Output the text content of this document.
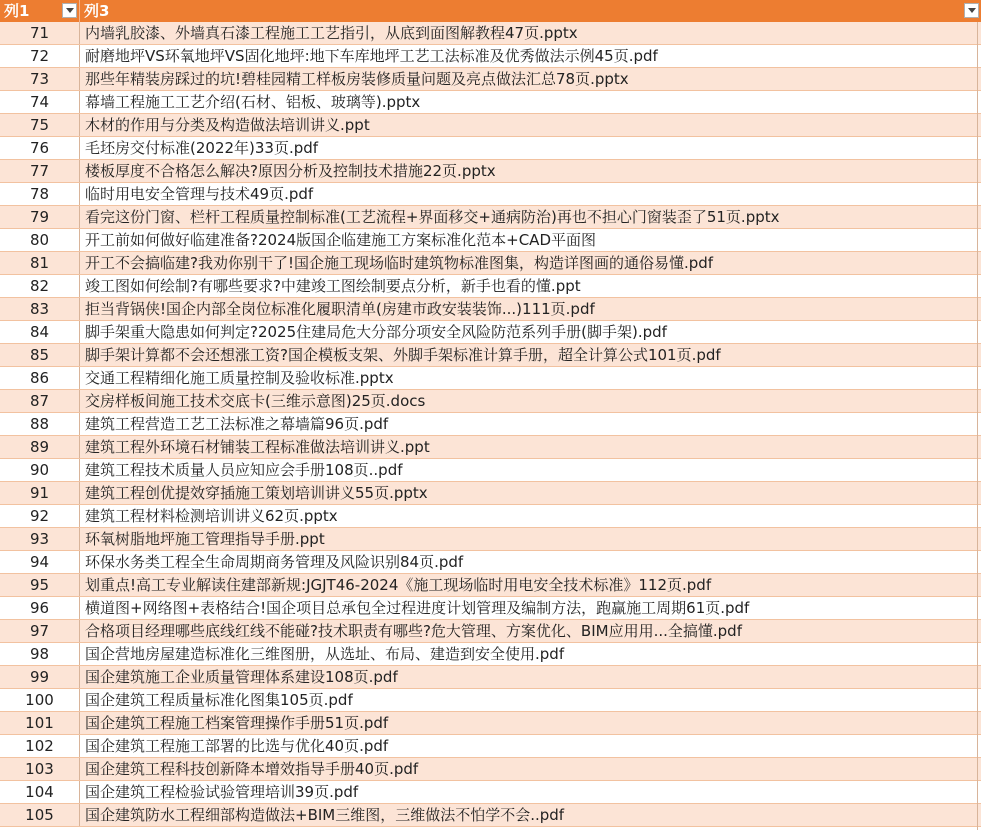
列1	列3
71	内墙乳胶漆、外墙真石漆工程施工工艺指引，从底到面图解教程47页.pptx
72	耐磨地坪VS环氧地坪VS固化地坪:地下车库地坪工艺工法标准及优秀做法示例45页.pdf
73	那些年精装房踩过的坑!碧桂园精工样板房装修质量问题及亮点做法汇总78页.pptx
74	幕墙工程施工工艺介绍(石材、铝板、玻璃等).pptx
75	木材的作用与分类及构造做法培训讲义.ppt
76	毛坯房交付标准(2022年)33页.pdf
77	楼板厚度不合格怎么解决?原因分析及控制技术措施22页.pptx
78	临时用电安全管理与技术49页.pdf
79	看完这份门窗、栏杆工程质量控制标准(工艺流程+界面移交+通病防治)再也不担心门窗装歪了51页.pptx
80	开工前如何做好临建准备?2024版国企临建施工方案标准化范本+CAD平面图
81	开工不会搞临建?我劝你别干了!国企施工现场临时建筑物标准图集，构造详图画的通俗易懂.pdf
82	竣工图如何绘制?有哪些要求?中建竣工图绘制要点分析，新手也看的懂.ppt
83	拒当背锅侠!国企内部全岗位标准化履职清单(房建市政安装装饰...)111页.pdf
84	脚手架重大隐患如何判定?2025住建局危大分部分项安全风险防范系列手册(脚手架).pdf
85	脚手架计算都不会还想涨工资?国企模板支架、外脚手架标准计算手册，超全计算公式101页.pdf
86	交通工程精细化施工质量控制及验收标准.pptx
87	交房样板间施工技术交底卡(三维示意图)25页.docs
88	建筑工程营造工艺工法标准之幕墙篇96页.pdf
89	建筑工程外环境石材铺装工程标准做法培训讲义.ppt
90	建筑工程技术质量人员应知应会手册108页..pdf
91	建筑工程创优提效穿插施工策划培训讲义55页.pptx
92	建筑工程材料检测培训讲义62页.pptx
93	环氧树脂地坪施工管理指导手册.ppt
94	环保水务类工程全生命周期商务管理及风险识别84页.pdf
95	划重点!高工专业解读住建部新规:JGJT46-2024《施工现场临时用电安全技术标准》112页.pdf
96	横道图+网络图+表格结合!国企项目总承包全过程进度计划管理及编制方法，跑赢施工周期61页.pdf
97	合格项目经理哪些底线红线不能碰?技术职责有哪些?危大管理、方案优化、BIM应用用...全搞懂.pdf
98	国企营地房屋建造标准化三维图册，从选址、布局、建造到安全使用.pdf
99	国企建筑施工企业质量管理体系建设108页.pdf
100	国企建筑工程质量标准化图集105页.pdf
101	国企建筑工程施工档案管理操作手册51页.pdf
102	国企建筑工程施工部署的比选与优化40页.pdf
103	国企建筑工程科技创新降本增效指导手册40页.pdf
104	国企建筑工程检验试验管理培训39页.pdf
105	国企建筑防水工程细部构造做法+BIM三维图，三维做法不怕学不会..pdf
